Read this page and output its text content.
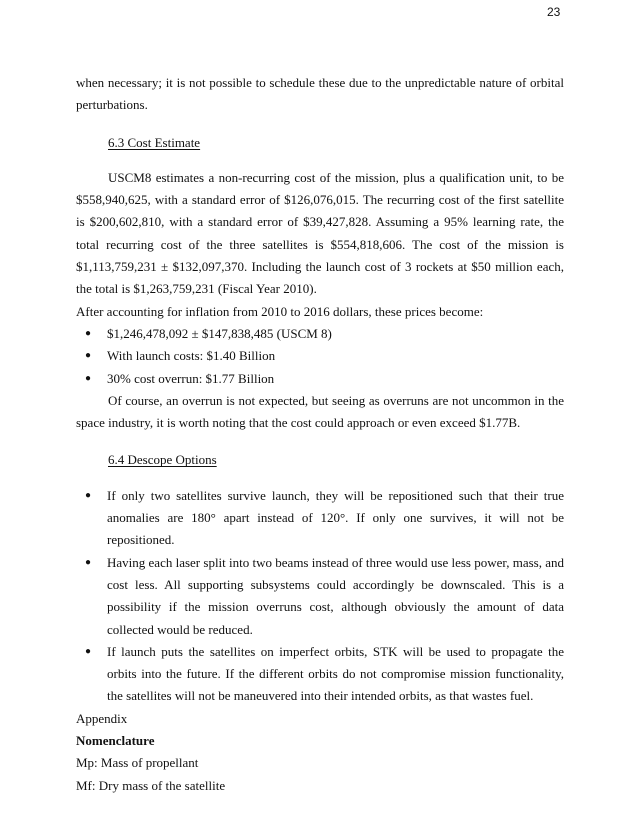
23

when necessary; it is not possible to schedule these due to the unpredictable nature of orbital perturbations.

6.3 Cost Estimate

USCM8 estimates a non-recurring cost of the mission, plus a qualification unit, to be $558,940,625, with a standard error of $126,076,015. The recurring cost of the first satellite is $200,602,810, with a standard error of $39,427,828. Assuming a 95% learning rate, the total recurring cost of the three satellites is $554,818,606. The cost of the mission is $1,113,759,231 ± $132,097,370. Including the launch cost of 3 rockets at $50 million each, the total is $1,263,759,231 (Fiscal Year 2010).

After accounting for inflation from 2010 to 2016 dollars, these prices become:

● $1,246,478,092 ± $147,838,485 (USCM 8)
● With launch costs: $1.40 Billion
● 30% cost overrun: $1.77 Billion

Of course, an overrun is not expected, but seeing as overruns are not uncommon in the space industry, it is worth noting that the cost could approach or even exceed $1.77B.

6.4 Descope Options

● If only two satellites survive launch, they will be repositioned such that their true anomalies are 180° apart instead of 120°. If only one survives, it will not be repositioned.
● Having each laser split into two beams instead of three would use less power, mass, and cost less. All supporting subsystems could accordingly be downscaled. This is a possibility if the mission overruns cost, although obviously the amount of data collected would be reduced.
● If launch puts the satellites on imperfect orbits, STK will be used to propagate the orbits into the future. If the different orbits do not compromise mission functionality, the satellites will not be maneuvered into their intended orbits, as that wastes fuel.

Appendix

Nomenclature

Mp: Mass of propellant

Mf: Dry mass of the satellite
